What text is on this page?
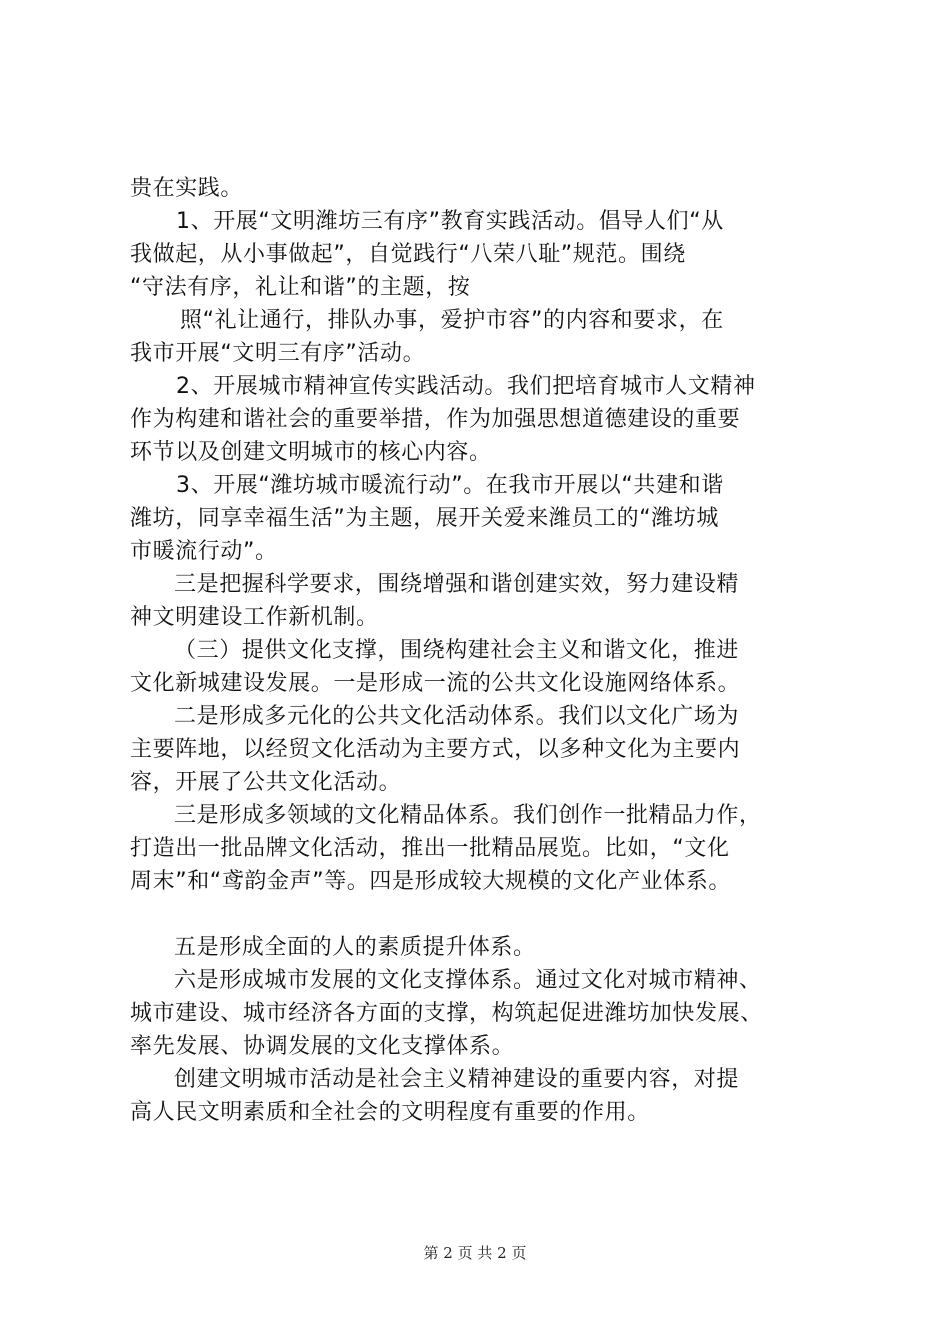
贵在实践。
1、开展“文明潍坊三有序”教育实践活动。倡导人们“从
我做起，从小事做起”，自觉践行“八荣八耻”规范。围绕
“守法有序，礼让和谐”的主题，按
照“礼让通行，排队办事，爱护市容”的内容和要求，在
我市开展“文明三有序”活动。
2、开展城市精神宣传实践活动。我们把培育城市人文精神
作为构建和谐社会的重要举措，作为加强思想道德建设的重要
环节以及创建文明城市的核心内容。
3、开展“潍坊城市暖流行动”。在我市开展以“共建和谐
潍坊，同享幸福生活”为主题，展开关爱来潍员工的“潍坊城
市暖流行动”。
三是把握科学要求，围绕增强和谐创建实效，努力建设精
神文明建设工作新机制。
（三）提供文化支撑，围绕构建社会主义和谐文化，推进
文化新城建设发展。一是形成一流的公共文化设施网络体系。
二是形成多元化的公共文化活动体系。我们以文化广场为
主要阵地，以经贸文化活动为主要方式，以多种文化为主要内
容，开展了公共文化活动。
三是形成多领域的文化精品体系。我们创作一批精品力作，
打造出一批品牌文化活动，推出一批精品展览。比如，“文化
周末”和“鸢韵金声”等。四是形成较大规模的文化产业体系。
五是形成全面的人的素质提升体系。
六是形成城市发展的文化支撑体系。通过文化对城市精神、
城市建设、城市经济各方面的支撑，构筑起促进潍坊加快发展、
率先发展、协调发展的文化支撑体系。
创建文明城市活动是社会主义精神建设的重要内容，对提
高人民文明素质和全社会的文明程度有重要的作用。
第 2 页 共 2 页
